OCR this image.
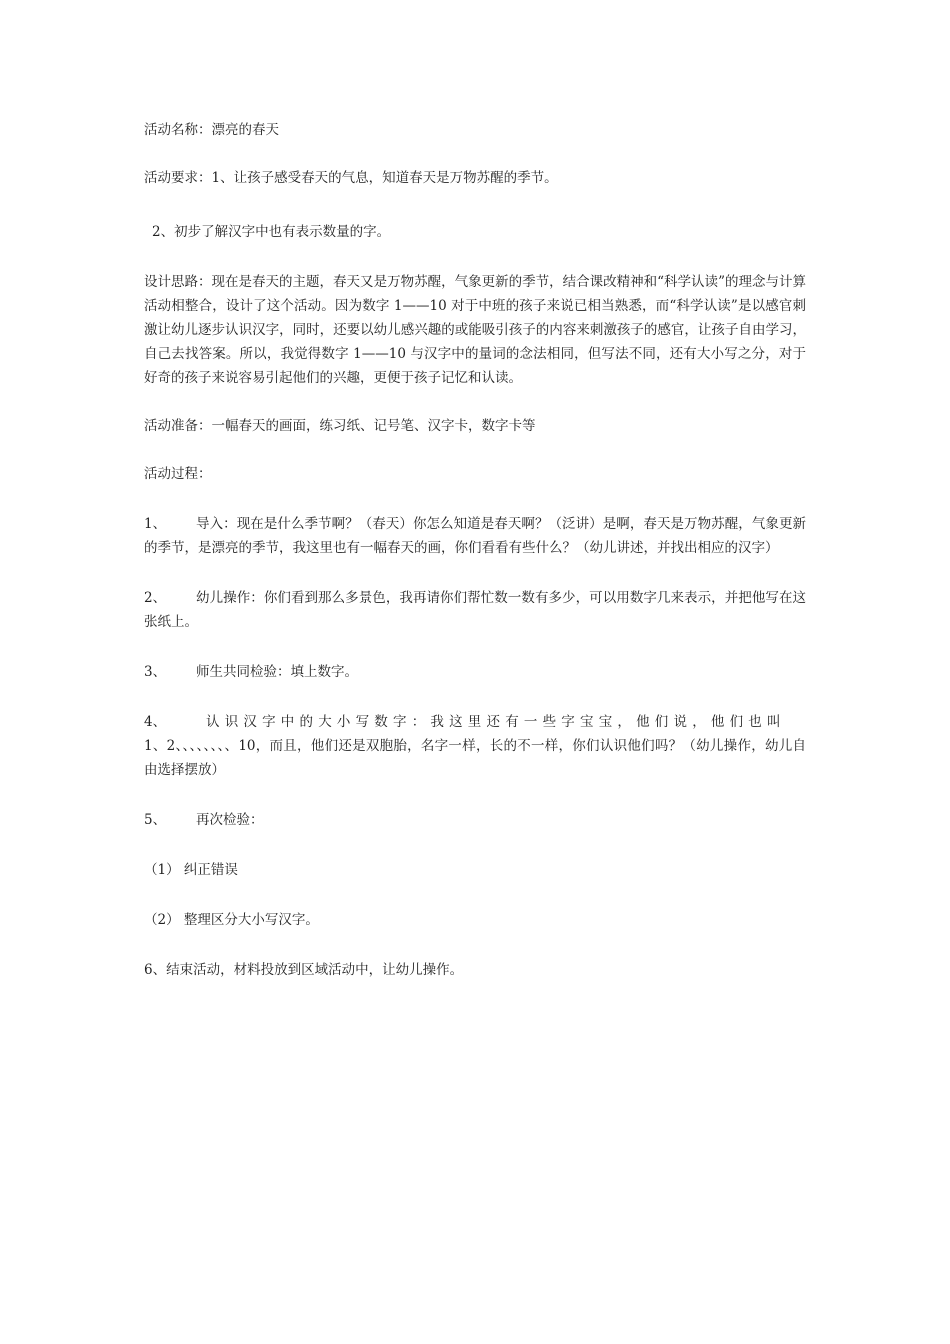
活动名称：漂亮的春天

活动要求：1、让孩子感受春天的气息，知道春天是万物苏醒的季节。

2、初步了解汉字中也有表示数量的字。

设计思路：现在是春天的主题，春天又是万物苏醒，气象更新的季节，结合课改精神和“科学认读”的理念与计算活动相整合，设计了这个活动。因为数字 1——10 对于中班的孩子来说已相当熟悉，而“科学认读”是以感官刺激让幼儿逐步认识汉字，同时，还要以幼儿感兴趣的或能吸引孩子的内容来刺激孩子的感官，让孩子自由学习，自己去找答案。所以，我觉得数字 1——10 与汉字中的量词的念法相同，但写法不同，还有大小写之分，对于好奇的孩子来说容易引起他们的兴趣，更便于孩子记忆和认读。

活动准备：一幅春天的画面，练习纸、记号笔、汉字卡，数字卡等

活动过程：

1、 导入：现在是什么季节啊？（春天）你怎么知道是春天啊？（泛讲）是啊，春天是万物苏醒，气象更新的季节，是漂亮的季节，我这里也有一幅春天的画，你们看看有些什么？（幼儿讲述，并找出相应的汉字）

2、 幼儿操作：你们看到那么多景色，我再请你们帮忙数一数有多少，可以用数字几来表示，并把他写在这张纸上。

3、 师生共同检验：填上数字。

4、	认识汉字中的大小写数字：我这里还有一些字宝宝，他们说，他们也叫
1、2、、、、、、、、10，而且，他们还是双胞胎，名字一样，长的不一样，你们认识他们吗？（幼儿操作，幼儿自由选择摆放）

5、 再次检验：

（1） 纠正错误

（2） 整理区分大小写汉字。

6、结束活动，材料投放到区域活动中，让幼儿操作。
